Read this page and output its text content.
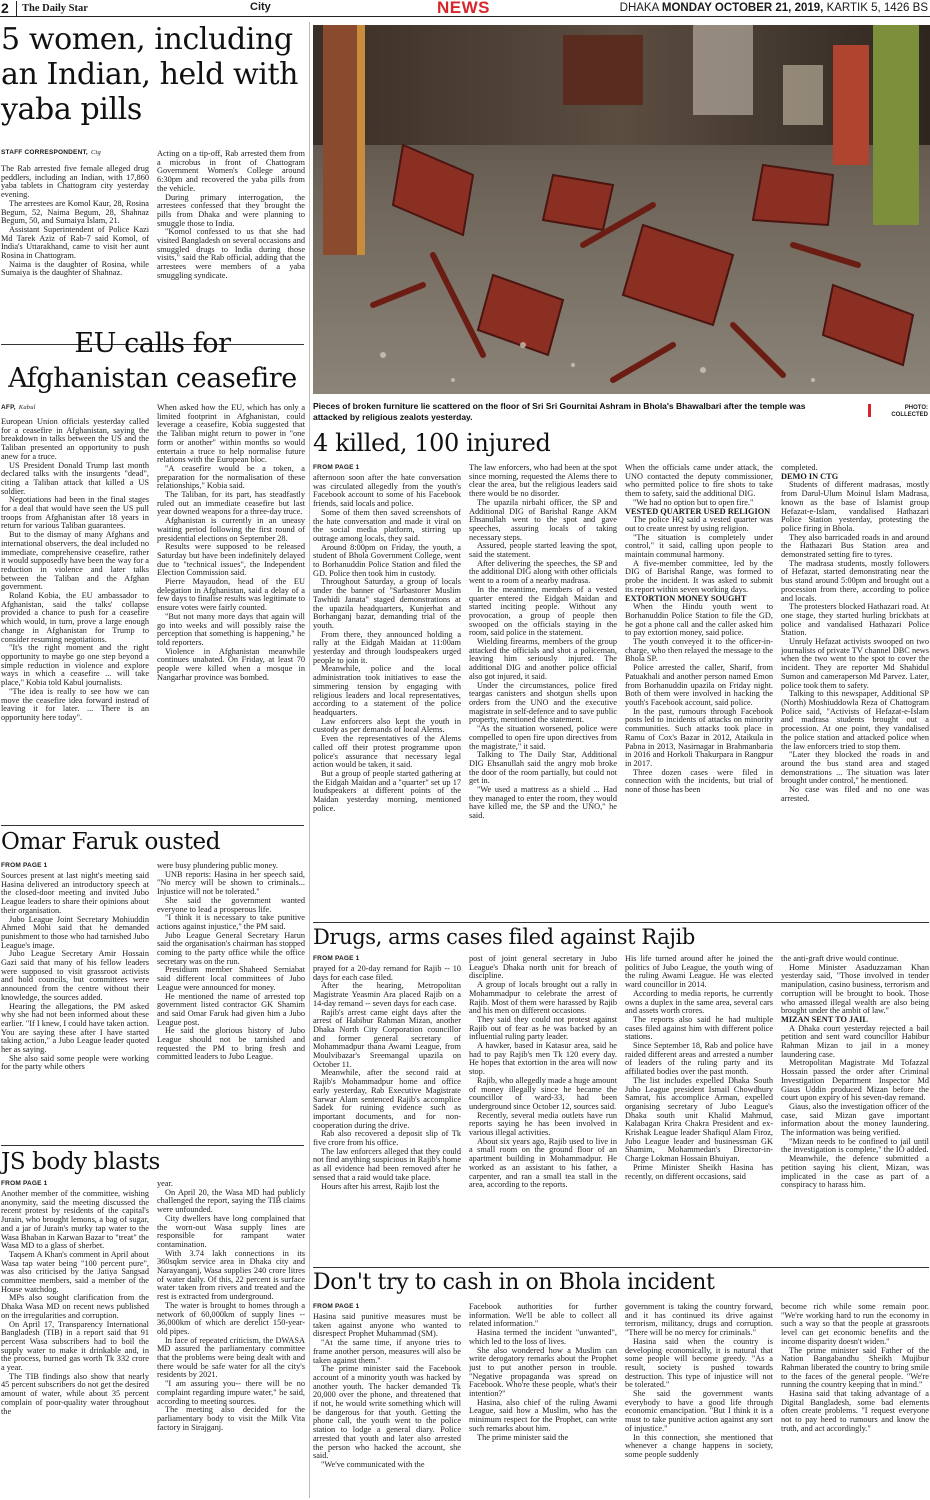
2	The Daily Star	City	NEWS	DHAKA MONDAY OCTOBER 21, 2019, KARTIK 5, 1426 BS
5 women, including an Indian, held with yaba pills
STAFF CORRESPONDENT, Ctg

The Rab arrested five female alleged drug peddlers, including an Indian, with 17,860 yaba tablets in Chattogram city yesterday evening.

The arrestees are Komol Kaur, 28, Rosina Begum, 52, Naima Begum, 28, Shahnaz Begum, 50, and Sumaiya Islam, 21.

Assistant Superintendent of Police Kazi Md Tarek Aziz of Rab-7 said Komol, of India's Uttarakhand, came to visit her aunt Rosina in Chattogram.

Naima is the daughter of Rosina, while Sumaiya is the daughter of Shahnaz.

Acting on a tip-off, Rab arrested them from a microbus in front of Chattogram Government Women's College around 6:30pm and recovered the yaba pills from the vehicle.

During primary interrogation, the arrestees confessed that they brought the pills from Dhaka and were planning to smuggle those to India.

"Komol confessed to us that she had visited Bangladesh on several occasions and smuggled drugs to India during those visits," said the Rab official, adding that the arrestees were members of a yaba smuggling syndicate.

EU calls for Afghanistan ceasefire
AFP, Kabul

European Union officials yesterday called for a ceasefire in Afghanistan, saying the breakdown in talks between the US and the Taliban presented an opportunity to push anew for a truce.

US President Donald Trump last month declared talks with the insurgents "dead", citing a Taliban attack that killed a US soldier.

Negotiations had been in the final stages for a deal that would have seen the US pull troops from Afghanistan after 18 years in return for various Taliban guarantees.

But to the dismay of many Afghans and international observers, the deal included no immediate, comprehensive ceasefire, rather it would supposedly have been the way for a reduction in violence and later talks between the Taliban and the Afghan government.

Roland Kobia, the EU ambassador to Afghanistan, said the talks' collapse provided a chance to push for a ceasefire which would, in turn, prove a large enough change in Afghanistan for Trump to consider resuming negotiations.

"It's the right moment and the right opportunity to maybe go one step beyond a simple reduction in violence and explore ways in which a ceasefire ... will take place," Kobia told Kabul journalists.

"The idea is really to see how we can move the ceasefire idea forward instead of leaving it for later. ... There is an opportunity here today".

When asked how the EU, which has only a limited footprint in Afghanistan, could leverage a ceasefire, Kobia suggested that the Taliban might return to power in "one form or another" within months so would entertain a truce to help normalise future relations with the European bloc.

"A ceasefire would be a token, a preparation for the normalisation of these relationships," Kobia said.

The Taliban, for its part, has steadfastly ruled out an immediate ceasefire but last year downed weapons for a three-day truce.

Afghanistan is currently in an uneasy waiting period following the first round of presidential elections on September 28.

Results were supposed to be released Saturday but have been indefinitely delayed due to "technical issues", the Independent Election Commission said.

Pierre Mayaudon, head of the EU delegation in Afghanistan, said a delay of a few days to finalise results was legitimate to ensure votes were fairly counted.

"But not many more days that again will go into weeks and will possibly raise the perception that something is happening," he told reporters.

Violence in Afghanistan meanwhile continues unabated. On Friday, at least 70 people were killed when a mosque in Nangarhar province was bombed.

Omar Faruk ousted
FROM PAGE 1

Sources present at last night's meeting said Hasina delivered an introductory speech at the closed-door meeting and invited Jubo League leaders to share their opinions about their organisation.

Jubo League Joint Secretary Mohiuddin Ahmed Mohi said that he demanded punishment to those who had tarnished Jubo League's image.

Jubo League Secretary Amir Hossain Gazi said that many of his fellow leaders were supposed to visit grassroot activists and hold councils, but committees were announced from the centre without their knowledge, the sources added.

Hearing the allegations, the PM asked why she had not been informed about these earlier. "If I knew, I could have taken action. You are saying these after I have started taking action," a Jubo League leader quoted her as saying.

She also said some people were working for the party while others

were busy plundering public money.

UNB reports: Hasina in her speech said, "No mercy will be shown to criminals... Injustice will not be tolerated."

She said the government wanted everyone to lead a prosperous life.

"I think it is necessary to take punitive actions against injustice," the PM said.

Jubo League General Secretary Harun said the organisation's chairman has stopped coming to the party office while the office secretary was on the run.

Presidium member Shaheed Serniabat said different local committees of Jubo League were announced for money.

He mentioned the name of arrested top government listed contractor GK Shamim and said Omar Faruk had given him a Jubo League post.

He said the glorious history of Jubo League should not be tarnished and requested the PM to bring fresh and committed leaders to Jubo League.

JS body blasts
FROM PAGE 1

Another member of the committee, wishing anonymity, said the meeting discussed the recent protest by residents of the capital's Jurain, who brought lemons, a bag of sugar, and a jar of Jurain's murky tap water to the Wasa Bhaban in Karwan Bazar to "treat" the Wasa MD to a glass of sherbet.

Taqsem A Khan's comment in April about Wasa tap water being "100 percent pure", was also criticised by the Jatiya Sangsad committee members, said a member of the House watchdog.

MPs also sought clarification from the Dhaka Wasa MD on recent news published on the irregularities and corruption.

On April 17, Transparency International Bangladesh (TIB) in a report said that 91 percent Wasa subscribers had to boil the supply water to make it drinkable and, in the process, burned gas worth Tk 332 crore a year.

The TIB findings also show that nearly 45 percent subscribers do not get the desired amount of water, while about 35 percent complain of poor-quality water throughout the

year.

On April 20, the Wasa MD had publicly challenged the report, saying the TIB claims were unfounded.

City dwellers have long complained that the worn-out Wasa supply lines are responsible for rampant water contamination.

With 3.74 lakh connections in its 360sqkm service area in Dhaka city and Narayanganj, Wasa supplies 240 crore litres of water daily. Of this, 22 percent is surface water taken from rivers and treated and the rest is extracted from underground.

The water is brought to homes through a network of 60,000km of supply lines -- 36,000km of which are derelict 150-year-old pipes.

In face of repeated criticism, the DWASA MD assured the parliamentary committee that the problems were being dealt with and there would be safe water for all the city's residents by 2021.

"I am assuring you-- there will be no complaint regarding impure water," he said, according to meeting sources.

The meeting also decided for the parliamentary body to visit the Milk Vita factory in Sirajganj.

Pieces of broken furniture lie scattered on the floor of Sri Sri Gournitai Ashram in Bhola's Bhawalbari after the temple was attacked by religious zealots yesterday.
PHOTO:
COLLECTED
4 killed, 100 injured
FROM PAGE 1

afternoon soon after the hate conversation was circulated allegedly from the youth's Facebook account to some of his Facebook friends, said locals and police.

Some of them then saved screenshots of the hate conversation and made it viral on the social media platform, stirring up outrage among locals, they said.

Around 8:00pm on Friday, the youth, a student of Bhola Government College, went to Borhanuddin Police Station and filed the GD. Police then took him in custody.

Throughout Saturday, a group of locals under the banner of "Sarbastorer Muslim Tawhidi Janata" staged demonstrations at the upazila headquarters, Kunjerhat and Borhanganj bazar, demanding trial of the youth.

From there, they announced holding a rally at the Eidgah Maidan at 11:00am yesterday and through loudspeakers urged people to join it.

Meanwhile, police and the local administration took initiatives to ease the simmering tension by engaging with religious leaders and local representatives, according to a statement of the police headquarters.

Law enforcers also kept the youth in custody as per demands of local Alems.

Even the representatives of the Alems called off their protest programme upon police's assurance that necessary legal action would be taken, it said.

But a group of people started gathering at the Eidgah Maidan and a "quarter" set up 17 loudspeakers at different points of the Maidan yesterday morning, mentioned police.

The law enforcers, who had been at the spot since morning, requested the Alems there to clear the area, but the religious leaders said there would be no disorder.

The upazila nirbahi officer, the SP and Additional DIG of Barishal Range AKM Ehsanullah went to the spot and gave speeches, assuring locals of taking necessary steps.

Assured, people started leaving the spot, said the statement.

After delivering the speeches, the SP and the additional DIG along with other officials went to a room of a nearby madrasa.

In the meantime, members of a vested quarter entered the Eidgah Maidan and started inciting people. Without any provocation, a group of people then swooped on the officials staying in the room, said police in the statement.

Wielding firearms, members of the group attacked the officials and shot a policeman, leaving him seriously injured. The additional DIG and another police official also got injured, it said.

Under the circumstances, police fired teargas canisters and shotgun shells upon orders from the UNO and the executive magistrate in self-defence and to save public property, mentioned the statement.

"As the situation worsened, police were compelled to open fire upon directives from the magistrate," it said.

Talking to The Daily Star, Additional DIG Ehsanullah said the angry mob broke the door of the room partially, but could not get in.

"We used a mattress as a shield ... Had they managed to enter the room, they would have killed me, the SP and the UNO," he said.

When the officials came under attack, the UNO contacted the deputy commissioner, who permitted police to fire shots to take them to safety, said the additional DIG.

"We had no option but to open fire."

VESTED QUARTER USED RELIGION

The police HQ said a vested quarter was out to create unrest by using religion.

"The situation is completely under control," it said, calling upon people to maintain communal harmony.

A five-member committee, led by the DIG of Barishal Range, was formed to probe the incident. It was asked to submit its report within seven working days.

EXTORTION MONEY SOUGHT

When the Hindu youth went to Borhanuddin Police Station to file the GD, he got a phone call and the caller asked him to pay extortion money, said police.

The youth conveyed it to the officer-in-charge, who then relayed the message to the Bhola SP.

Police arrested the caller, Sharif, from Patuakhali and another person named Emon from Borhanuddin upazila on Friday night. Both of them were involved in hacking the youth's Facebook account, said police.

In the past, rumours through Facebook posts led to incidents of attacks on minority communities. Such attacks took place in Ramu of Cox's Bazar in 2012, Ataikula in Pabna in 2013, Nasirnagar in Brahmanbaria in 2016 and Horkoli Thakurpara in Rangpur in 2017.

Three dozen cases were filed in connection with the incidents, but trial of none of those has been

completed.

DEMO IN CTG

Students of different madrasas, mostly from Darul-Ulum Moinul Islam Madrasa, known as the base of Islamist group Hefazat-e-Islam, vandalised Hathazari Police Station yesterday, protesting the police firing in Bhola.

They also barricaded roads in and around the Hathazari Bus Station area and demonstrated setting fire to tyres.

The madrasa students, mostly followers of Hefazat, started demonstrating near the bus stand around 5:00pm and brought out a procession from there, according to police and locals.

The protesters blocked Hathazari road. At one stage, they started hurling brickbats at police and vandalised Hathazari Police Station.

Unruly Hefazat activists swooped on two journalists of private TV channel DBC news when the two went to the spot to cover the incident. They are reporter Md Shahidul Sumon and cameraperson Md Parvez. Later, police took them to safety.

Talking to this newspaper, Additional SP (North) Moshiuddowla Reza of Chattogram Police said, "Activists of Hefazat-e-Islam and madrasa students brought out a procession. At one point, they vandalised the police station and attacked police when the law enforcers tried to stop them.

"Later they blocked the roads in and around the bus stand area and staged demonstrations ... The situation was later brought under control," he mentioned.

No case was filed and no one was arrested.

Drugs, arms cases filed against Rajib
FROM PAGE 1

prayed for a 20-day remand for Rajib -- 10 days for each case filed.

After the hearing, Metropolitan Magistrate Yeasmin Ara placed Rajib on a 14-day remand -- seven days for each case.

Rajib's arrest came eight days after the arrest of Habibur Rahman Mizan, another Dhaka North City Corporation councillor and former general secretary of Mohammadpur thana Awami League, from Moulvibazar's Sreemangal upazila on October 11.

Meanwhile, after the second raid at Rajib's Mohammadpur home and office early yesterday, Rab Executive Magistrate Sarwar Alam sentenced Rajib's accomplice Sadek for ruining evidence such as important documents, and for non-cooperation during the drive.

Rab also recovered a deposit slip of Tk five crore from his office.

The law enforcers alleged that they could not find anything suspicious in Rajib's home as all evidence had been removed after he sensed that a raid would take place.

Hours after his arrest, Rajib lost the

post of joint general secretary in Jubo League's Dhaka north unit for breach of discipline.

A group of locals brought out a rally in Mohammadpur to celebrate the arrest of Rajib. Most of them were harassed by Rajib and his men on different occasions.

They said they could not protest against Rajib out of fear as he was backed by an influential ruling party leader.

A hawker, based in Katasur area, said he had to pay Rajib's men Tk 120 every day. He hopes that extortion in the area will now stop.

Rajib, who allegedly made a huge amount of money illegally since he became the councillor of ward-33, had been underground since October 12, sources said.

Recently, several media outlets have run reports saying he has been involved in various illegal activities.

About six years ago, Rajib used to live in a small room on the ground floor of an apartment building in Mohammadpur. He worked as an assistant to his father, a carpenter, and ran a small tea stall in the area, according to the reports.

His life turned around after he joined the politics of Jubo League, the youth wing of the ruling Awami League. He was elected ward councillor in 2014.

According to media reports, he currently owns a duplex in the same area, several cars and assets worth crores.

The reports also said he had multiple cases filed against him with different police stations.

Since September 18, Rab and police have raided different areas and arrested a number of leaders of the ruling party and its affiliated bodies over the past month.

The list includes expelled Dhaka South Jubo League president Ismail Chowdhury Samrat, his accomplice Arman, expelled organising secretary of Jubo League's Dhaka south unit Khalid Mahmud, Kalabagan Krira Chakra President and ex-Krishak League leader Shafiqul Alam Firoz, Jubo League leader and businessman GK Shamim, Mohammedan's Director-in-Charge Lokman Hossain Bhuiyan.

Prime Minister Sheikh Hasina has recently, on different occasions, said

the anti-graft drive would continue.

Home Minister Asaduzzaman Khan yesterday said, "Those involved in tender manipulation, casino business, terrorism and corruption will be brought to book. Those who amassed illegal wealth are also being brought under the ambit of law."

MIZAN SENT TO JAIL

A Dhaka court yesterday rejected a bail petition and sent ward councillor Habibur Rahman Mizan to jail in a money laundering case.

Metropolitan Magistrate Md Tofazzal Hossain passed the order after Criminal Investigation Department Inspector Md Giaus Uddin produced Mizan before the court upon expiry of his seven-day remand.

Giaus, also the investigation officer of the case, said Mizan gave important information about the money laundering. The information was being verified.

"Mizan needs to be confined to jail until the investigation is complete," the IO added.

Meanwhile, the defence submitted a petition saying his client, Mizan, was implicated in the case as part of a conspiracy to harass him.

Don't try to cash in on Bhola incident
FROM PAGE 1

Hasina said punitive measures must be taken against anyone who wanted to disrespect Prophet Muhammad (SM).

"At the same time, if anyone tries to frame another person, measures will also be taken against them."

The prime minister said the Facebook account of a minority youth was hacked by another youth. The hacker demanded Tk 20,000 over the phone, and threatened that if not, he would write something which will be dangerous for that youth. Getting the phone call, the youth went to the police station to lodge a general diary. Police arrested that youth and later also arrested the person who hacked the account, she said.

"We've communicated with the

Facebook authorities for further information. We'll be able to collect all related information."

Hasina termed the incident "unwanted", which led to the loss of lives.

She also wondered how a Muslim can write derogatory remarks about the Prophet just to put another person in trouble. "Negative propaganda was spread on Facebook. Who're these people, what's their intention?"

Hasina, also chief of the ruling Awami League, said how a Muslim, who has the minimum respect for the Prophet, can write such remarks about him.

The prime minister said the

government is taking the country forward, and it has continued its drive against terrorism, militancy, drugs and corruption. "There will be no mercy for criminals."

Hasina said when the country is developing economically, it is natural that some people will become greedy. "As a result, society is pushed towards destruction. This type of injustice will not be tolerated."

She said the government wants everybody to have a good life through economic emancipation. "But I think it is a must to take punitive action against any sort of injustice."

In this connection, she mentioned that whenever a change happens in society, some people suddenly

become rich while some remain poor. "We're working hard to run the economy in such a way so that the people at grassroots level can get economic benefits and the income disparity doesn't widen."

The prime minister said Father of the Nation Bangabandhu Sheikh Mujibur Rahman liberated the country to bring smile to the faces of the general people. "We're running the country keeping that in mind."

Hasina said that taking advantage of a Digital Bangladesh, some bad elements often create problems. "I request everyone not to pay heed to rumours and know the truth, and act accordingly."
